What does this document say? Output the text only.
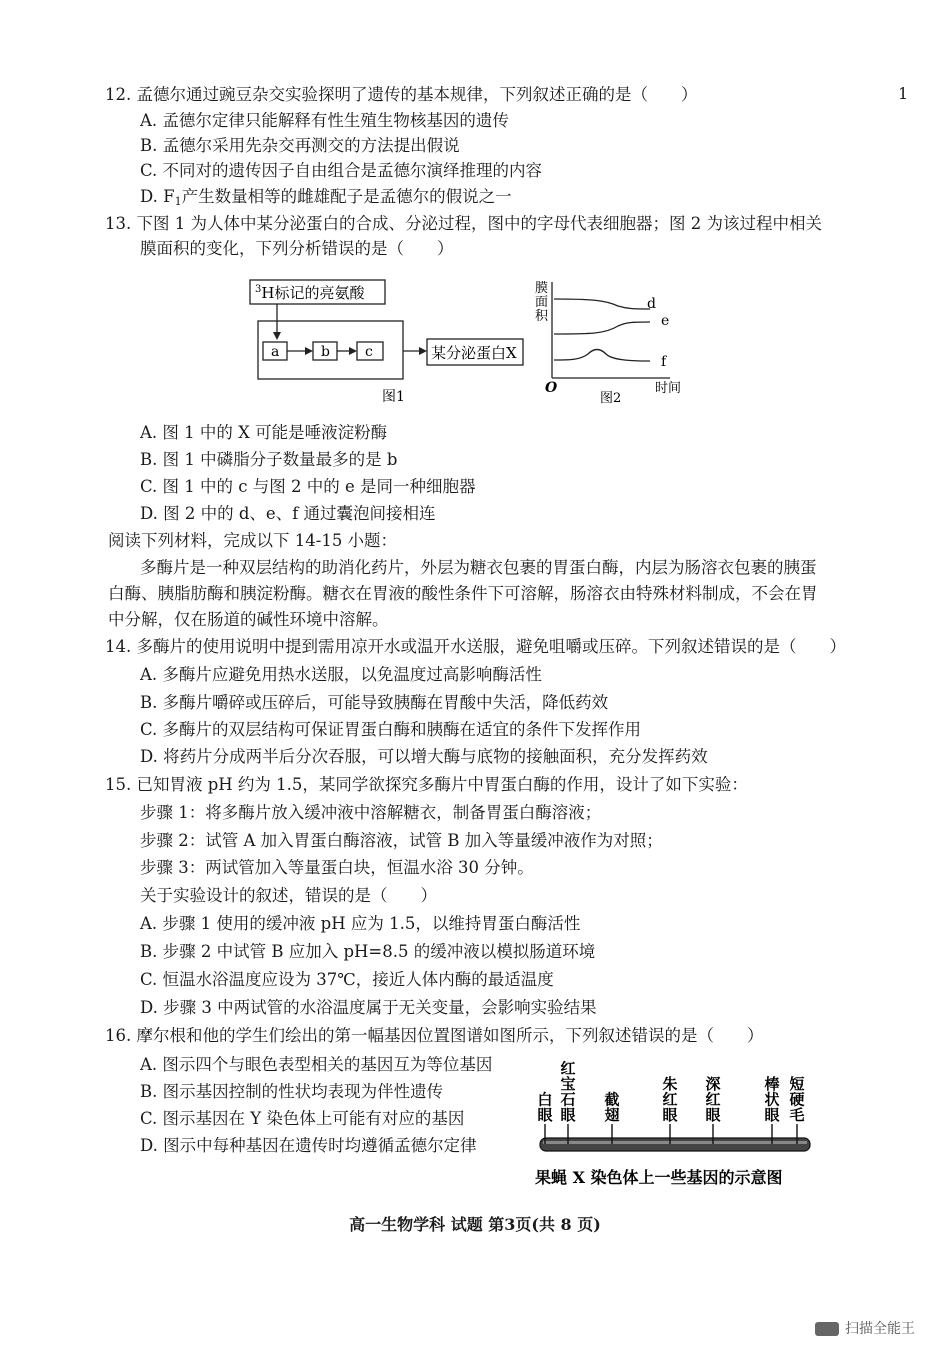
1
12. 孟德尔通过豌豆杂交实验探明了遗传的基本规律，下列叙述正确的是（　　）
A. 孟德尔定律只能解释有性生殖生物核基因的遗传
B. 孟德尔采用先杂交再测交的方法提出假说
C. 不同对的遗传因子自由组合是孟德尔演绎推理的内容
D. $F_1$产生数量相等的雌雄配子是孟德尔的假说之一
13. 下图 1 为人体中某分泌蛋白的合成、分泌过程，图中的字母代表细胞器；图 2 为该过程中相关
膜面积的变化，下列分析错误的是（　　）
$^3$H标记的亮氨酸
a	b	c	某分泌蛋白X
图1
膜
面
积
d
e
f
O
图2
时间
A. 图 1 中的 X 可能是唾液淀粉酶
B. 图 1 中磷脂分子数量最多的是 b
C. 图 1 中的 c 与图 2 中的 e 是同一种细胞器
D. 图 2 中的 d、e、f 通过囊泡间接相连
阅读下列材料，完成以下 14-15 小题：
多酶片是一种双层结构的助消化药片，外层为糖衣包裹的胃蛋白酶，内层为肠溶衣包裹的胰蛋
白酶、胰脂肪酶和胰淀粉酶。糖衣在胃液的酸性条件下可溶解，肠溶衣由特殊材料制成，不会在胃
中分解，仅在肠道的碱性环境中溶解。
14. 多酶片的使用说明中提到需用凉开水或温开水送服，避免咀嚼或压碎。下列叙述错误的是（　　）
A. 多酶片应避免用热水送服，以免温度过高影响酶活性
B. 多酶片嚼碎或压碎后，可能导致胰酶在胃酸中失活，降低药效
C. 多酶片的双层结构可保证胃蛋白酶和胰酶在适宜的条件下发挥作用
D. 将药片分成两半后分次吞服，可以增大酶与底物的接触面积，充分发挥药效
15. 已知胃液 pH 约为 1.5，某同学欲探究多酶片中胃蛋白酶的作用，设计了如下实验：
步骤 1：将多酶片放入缓冲液中溶解糖衣，制备胃蛋白酶溶液；
步骤 2：试管 A 加入胃蛋白酶溶液，试管 B 加入等量缓冲液作为对照；
步骤 3：两试管加入等量蛋白块，恒温水浴 30 分钟。
关于实验设计的叙述，错误的是（　　）
A. 步骤 1 使用的缓冲液 pH 应为 1.5，以维持胃蛋白酶活性
B. 步骤 2 中试管 B 应加入 pH=8.5 的缓冲液以模拟肠道环境
C. 恒温水浴温度应设为 37℃，接近人体内酶的最适温度
D. 步骤 3 中两试管的水浴温度属于无关变量，会影响实验结果
16. 摩尔根和他的学生们绘出的第一幅基因位置图谱如图所示，下列叙述错误的是（　　）
A. 图示四个与眼色表型相关的基因互为等位基因
B. 图示基因控制的性状均表现为伴性遗传
C. 图示基因在 Y 染色体上可能有对应的基因
D. 图示中每种基因在遗传时均遵循孟德尔定律
果蝇 X 染色体上一些基因的示意图
白眼
红宝石眼
截翅
朱红眼
深红眼
棒状眼
短硬毛
高一生物学科 试题 第3页(共 8 页)
扫描全能王
